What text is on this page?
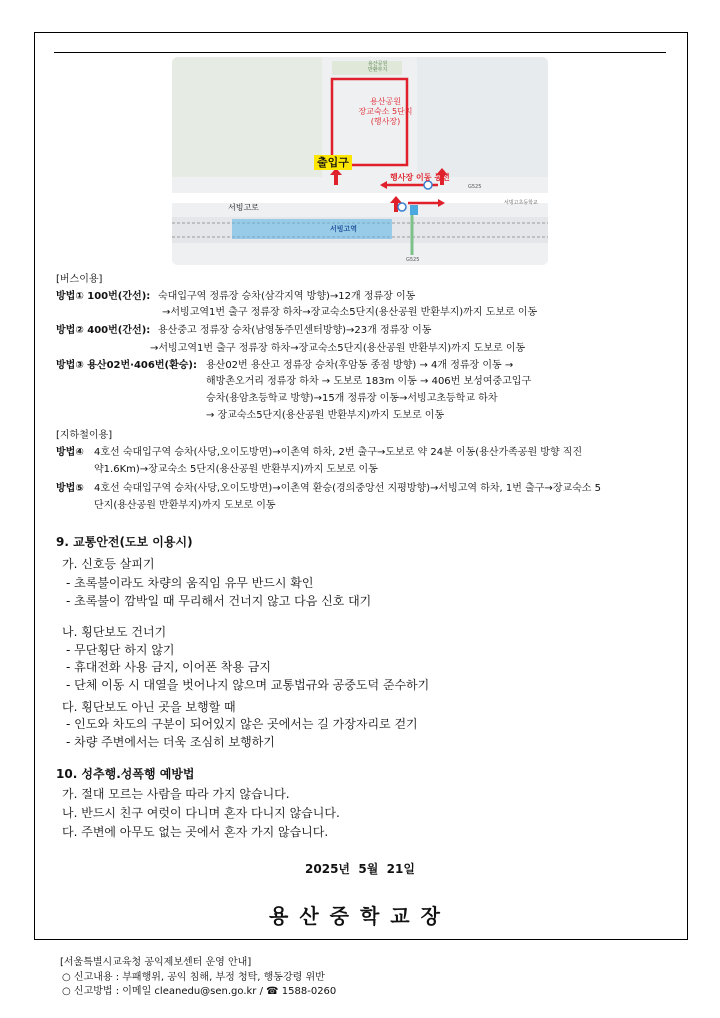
용산공원
장교숙소 5단지
(행사장)
출입구
행사장 이동 동선
서빙고로
서빙고역
용산공원
반환부지
서빙고초등학교
G525
G525
[버스이용]
방법① 100번(간선): 숙대입구역 정류장 승차(삼각지역 방향)→12개 정류장 이동
→서빙고역1번 출구 정류장 하차→장교숙소5단지(용산공원 반환부지)까지 도보로 이동
방법② 400번(간선): 용산중고 정류장 승차(남영동주민센터방향)→23개 정류장 이동
→서빙고역1번 출구 정류장 하차→장교숙소5단지(용산공원 반환부지)까지 도보로 이동
방법③ 용산02번·406번(환승): 용산02번 용산고 정류장 승차(후암동 종점 방향) → 4개 정류장 이동 →
해방촌오거리 정류장 하차 → 도보로 183m 이동 → 406번 보성여중고입구
승차(용암초등학교 방향)→15개 정류장 이동→서빙고초등학교 하차
→ 장교숙소5단지(용산공원 반환부지)까지 도보로 이동
[지하철이용]
방법④ 4호선 숙대입구역 승차(사당,오이도방면)→이촌역 하차, 2번 출구→도보로 약 24분 이동(용산가족공원 방향 직진
약1.6Km)→장교숙소 5단지(용산공원 반환부지)까지 도보로 이동
방법⑤ 4호선 숙대입구역 승차(사당,오이도방면)→이촌역 환승(경의중앙선 지평방향)→서빙고역 하차, 1번 출구→장교숙소 5
단지(용산공원 반환부지)까지 도보로 이동
9. 교통안전(도보 이용시)
가. 신호등 살피기
- 초록불이라도 차량의 움직임 유무 반드시 확인
- 초록불이 깜박일 때 무리해서 건너지 않고 다음 신호 대기
나. 횡단보도 건너기
- 무단횡단 하지 않기
- 휴대전화 사용 금지, 이어폰 착용 금지
- 단체 이동 시 대열을 벗어나지 않으며 교통법규와 공중도덕 준수하기
다. 횡단보도 아닌 곳을 보행할 때
- 인도와 차도의 구분이 되어있지 않은 곳에서는 길 가장자리로 걷기
- 차량 주변에서는 더욱 조심히 보행하기
10. 성추행.성폭행 예방법
가. 절대 모르는 사람을 따라 가지 않습니다.
나. 반드시 친구 여럿이 다니며 혼자 다니지 않습니다.
다. 주변에 아무도 없는 곳에서 혼자 가지 않습니다.
2025년  5월  21일
용산중학교장
[서울특별시교육청 공익제보센터 운영 안내]
○ 신고내용 : 부패행위, 공익 침해, 부정 청탁, 행동강령 위반
○ 신고방법 : 이메일 cleanedu@sen.go.kr / ☎ 1588-0260
